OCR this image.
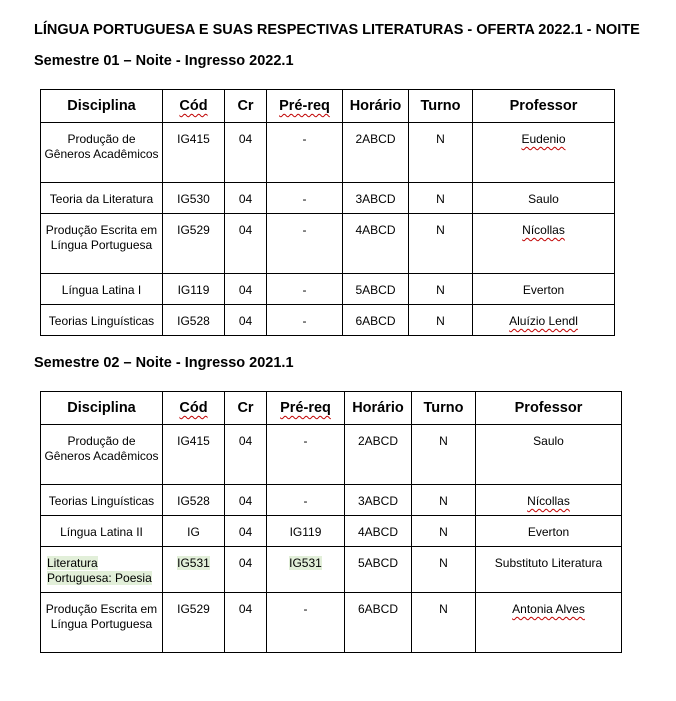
LÍNGUA PORTUGUESA E SUAS RESPECTIVAS LITERATURAS - OFERTA 2022.1 - NOITE
Semestre 01 – Noite - Ingresso 2022.1
Disciplina	Cód	Cr	Pré-req	Horário	Turno	Professor

Produção de Gêneros Acadêmicos	IG415	04	-	2ABCD	N	Eudenio

Teoria da Literatura	IG530	04	-	3ABCD	N	Saulo

Produção Escrita em Língua Portuguesa	IG529	04	-	4ABCD	N	Nícollas

Língua Latina I	IG119	04	-	5ABCD	N	Everton

Teorias Linguísticas	IG528	04	-	6ABCD	N	Aluízio Lendl
Semestre 02 – Noite - Ingresso 2021.1
Disciplina	Cód	Cr	Pré-req	Horário	Turno	Professor

Produção de Gêneros Acadêmicos	IG415	04	-	2ABCD	N	Saulo

Teorias Linguísticas	IG528	04	-	3ABCD	N	Nícollas

Língua Latina II	IG	04	IG119	4ABCD	N	Everton

Literatura Portuguesa: Poesia	IG531	04	IG531	5ABCD	N	Substituto Literatura

Produção Escrita em Língua Portuguesa	IG529	04	-	6ABCD	N	Antonia Alves
